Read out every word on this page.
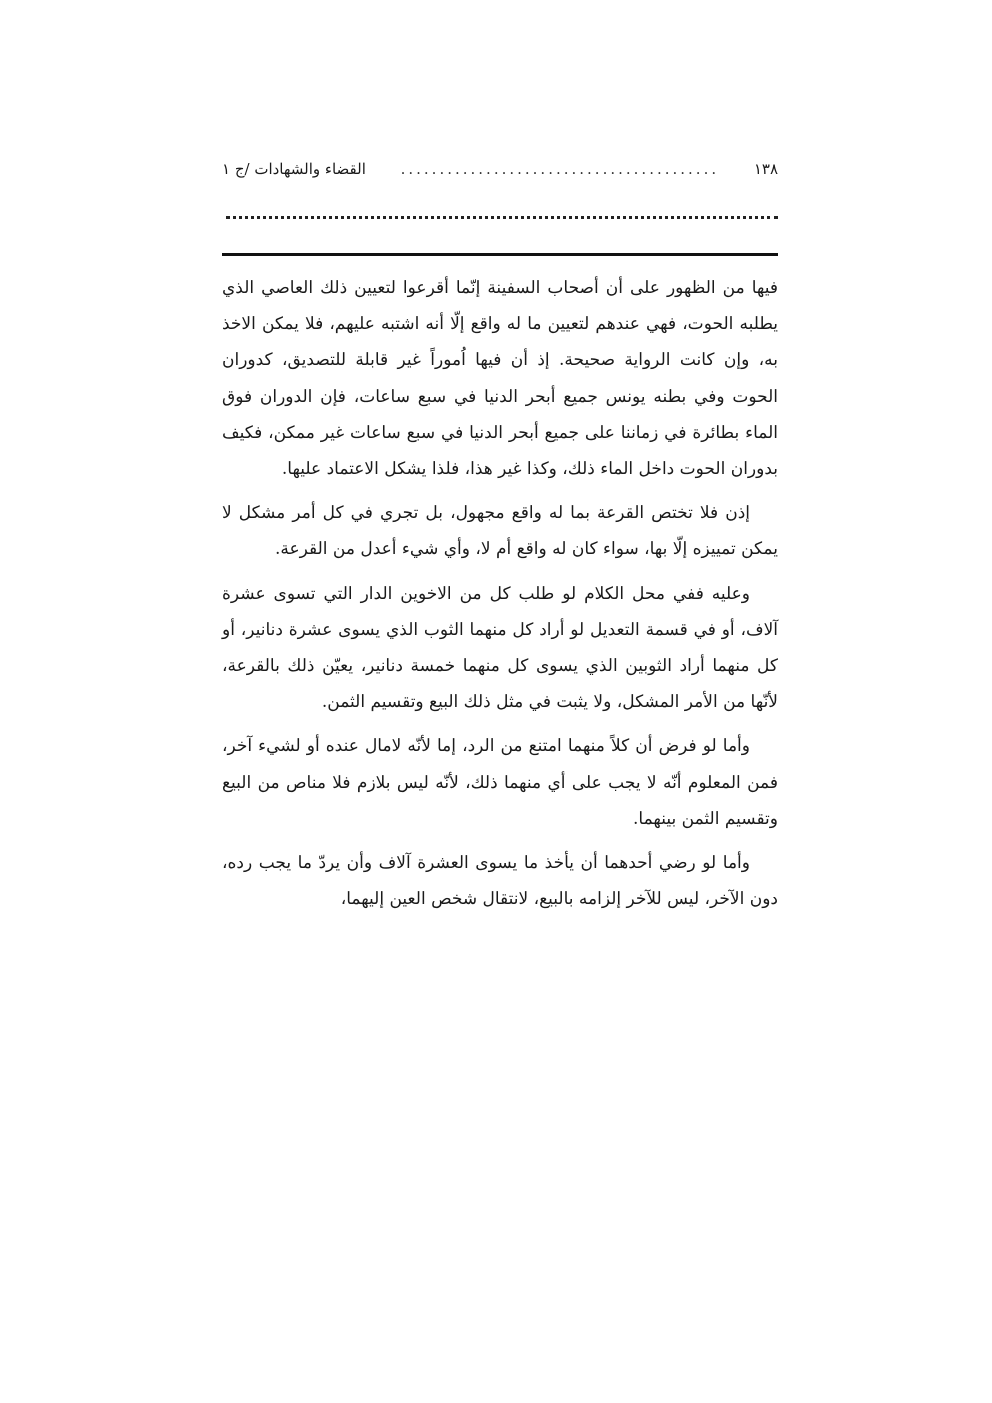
١٣٨
.........................................
القضاء والشهادات /ج ١

فيها من الظهور على أن أصحاب السفينة إنّما أقرعوا لتعيين ذلك العاصي الذي يطلبه الحوت، فهي عندهم لتعيين ما له واقع إلّا أنه اشتبه عليهم، فلا يمكن الاخذ به، وإن كانت الرواية صحيحة. إذ أن فيها اُموراً غير قابلة للتصديق، كدوران الحوت وفي بطنه يونس جميع أبحر الدنيا في سبع ساعات، فإن الدوران فوق الماء بطائرة في زماننا على جميع أبحر الدنيا في سبع ساعات غير ممكن، فكيف بدوران الحوت داخل الماء ذلك، وكذا غير هذا، فلذا يشكل الاعتماد عليها.

إذن فلا تختص القرعة بما له واقع مجهول، بل تجري في كل أمر مشكل لا يمكن تمييزه إلّا بها، سواء كان له واقع أم لا، وأي شيء أعدل من القرعة.

وعليه ففي محل الكلام لو طلب كل من الاخوين الدار التي تسوى عشرة آلاف، أو في قسمة التعديل لو أراد كل منهما الثوب الذي يسوى عشرة دنانير، أو كل منهما أراد الثوبين الذي يسوى كل منهما خمسة دنانير، يعيّن ذلك بالقرعة، لأنّها من الأمر المشكل، ولا يثبت في مثل ذلك البيع وتقسيم الثمن.

وأما لو فرض أن كلاً منهما امتنع من الرد، إما لأنّه لامال عنده أو لشيء آخر، فمن المعلوم أنّه لا يجب على أي منهما ذلك، لأنّه ليس بلازم فلا مناص من البيع وتقسيم الثمن بينهما.

وأما لو رضي أحدهما أن يأخذ ما يسوى العشرة آلاف وأن يردّ ما يجب رده، دون الآخر، ليس للآخر إلزامه بالبيع، لانتقال شخص العين إليهما،
